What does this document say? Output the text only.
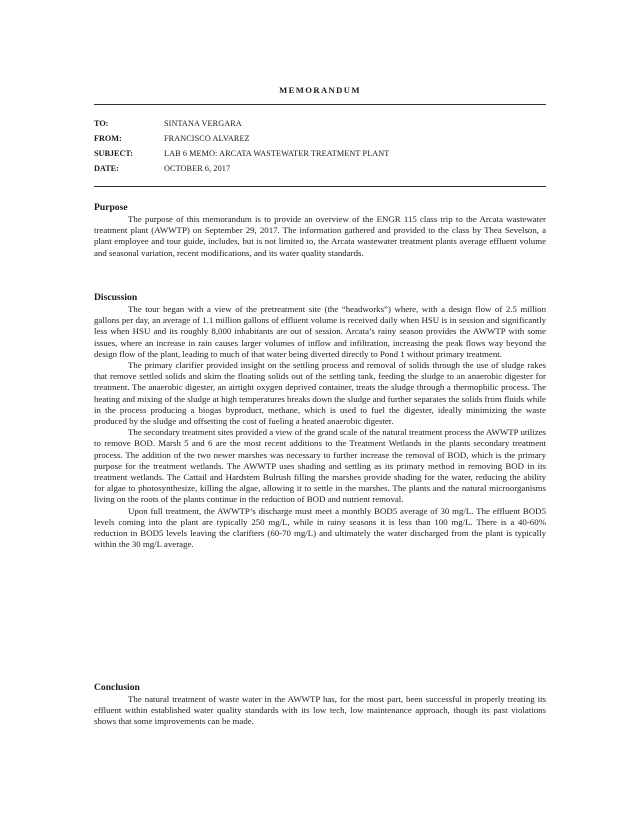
MEMORANDUM
TO:	SINTANA VERGARA
FROM:	FRANCISCO ALVAREZ
SUBJECT:	LAB 6 MEMO: ARCATA WASTEWATER TREATMENT PLANT
DATE:	OCTOBER 6, 2017
Purpose

The purpose of this memorandum is to provide an overview of the ENGR 115 class trip to the Arcata wastewater treatment plant (AWWTP) on September 29, 2017. The information gathered and provided to the class by Thea Sevelson, a plant employee and tour guide, includes, but is not limited to, the Arcata wastewater treatment plants average effluent volume and seasonal variation, recent modifications, and its water quality standards.

Discussion

The tour began with a view of the pretreatment site (the “headworks”) where, with a design flow of 2.5 million gallons per day, an average of 1.1 million gallons of effluent volume is received daily when HSU is in session and significantly less when HSU and its roughly 8,000 inhabitants are out of session. Arcata’s rainy season provides the AWWTP with some issues, where an increase in rain causes larger volumes of inflow and infiltration, increasing the peak flows way beyond the design flow of the plant, leading to much of that water being diverted directly to Pond 1 without primary treatment.

The primary clarifier provided insight on the settling process and removal of solids through the use of sludge rakes that remove settled solids and skim the floating solids out of the settling tank, feeding the sludge to an anaerobic digester for treatment. The anaerobic digester, an airtight oxygen deprived container, treats the sludge through a thermophilic process. The heating and mixing of the sludge at high temperatures breaks down the sludge and further separates the solids from fluids while in the process producing a biogas byproduct, methane, which is used to fuel the digester, ideally minimizing the waste produced by the sludge and offsetting the cost of fueling a heated anaerobic digester.

The secondary treatment sites provided a view of the grand scale of the natural treatment process the AWWTP utilizes to remove BOD. Marsh 5 and 6 are the most recent additions to the Treatment Wetlands in the plants secondary treatment process. The addition of the two newer marshes was necessary to further increase the removal of BOD, which is the primary purpose for the treatment wetlands. The AWWTP uses shading and settling as its primary method in removing BOD in its treatment wetlands. The Cattail and Hardstem Bulrush filling the marshes provide shading for the water, reducing the ability for algae to photosynthesize, killing the algae, allowing it to settle in the marshes. The plants and the natural microorganisms living on the roots of the plants continue in the reduction of BOD and nutrient removal.

Upon full treatment, the AWWTP’s discharge must meet a monthly BOD5 average of 30 mg/L. The effluent BOD5 levels coming into the plant are typically 250 mg/L, while in rainy seasons it is less than 100 mg/L. There is a 40-60% reduction in BOD5 levels leaving the clarifiers (60-70 mg/L) and ultimately the water discharged from the plant is typically within the 30 mg/L average.

Conclusion

The natural treatment of waste water in the AWWTP has, for the most part, been successful in properly treating its effluent within established water quality standards with its low tech, low maintenance approach, though its past violations shows that some improvements can be made.
